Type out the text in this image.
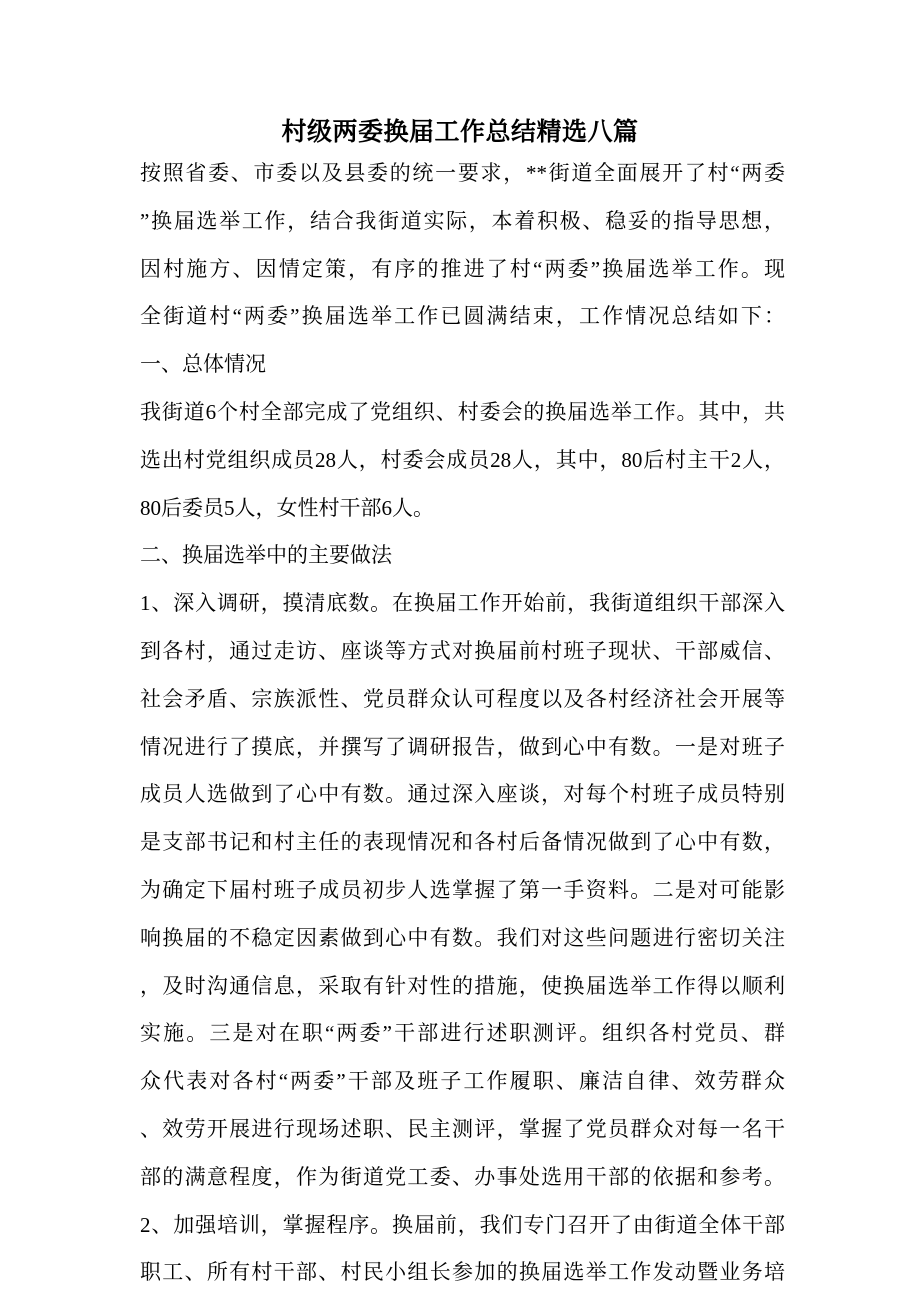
村级两委换届工作总结精选八篇
按照省委、市委以及县委的统一要求，**街道全面展开了村“两委
”换届选举工作，结合我街道实际，本着积极、稳妥的指导思想，
因村施方、因情定策，有序的推进了村“两委”换届选举工作。现
全街道村“两委”换届选举工作已圆满结束，工作情况总结如下：
一、总体情况
我街道6个村全部完成了党组织、村委会的换届选举工作。其中，共
选出村党组织成员28人，村委会成员28人，其中，80后村主干2人，
80后委员5人，女性村干部6人。
二、换届选举中的主要做法
1、深入调研，摸清底数。在换届工作开始前，我街道组织干部深入
到各村，通过走访、座谈等方式对换届前村班子现状、干部威信、
社会矛盾、宗族派性、党员群众认可程度以及各村经济社会开展等
情况进行了摸底，并撰写了调研报告，做到心中有数。一是对班子
成员人选做到了心中有数。通过深入座谈，对每个村班子成员特别
是支部书记和村主任的表现情况和各村后备情况做到了心中有数，
为确定下届村班子成员初步人选掌握了第一手资料。二是对可能影
响换届的不稳定因素做到心中有数。我们对这些问题进行密切关注
，及时沟通信息，采取有针对性的措施，使换届选举工作得以顺利
实施。三是对在职“两委”干部进行述职测评。组织各村党员、群
众代表对各村“两委”干部及班子工作履职、廉洁自律、效劳群众
、效劳开展进行现场述职、民主测评，掌握了党员群众对每一名干
部的满意程度，作为街道党工委、办事处选用干部的依据和参考。
2、加强培训，掌握程序。换届前，我们专门召开了由街道全体干部
职工、所有村干部、村民小组长参加的换届选举工作发动暨业务培
